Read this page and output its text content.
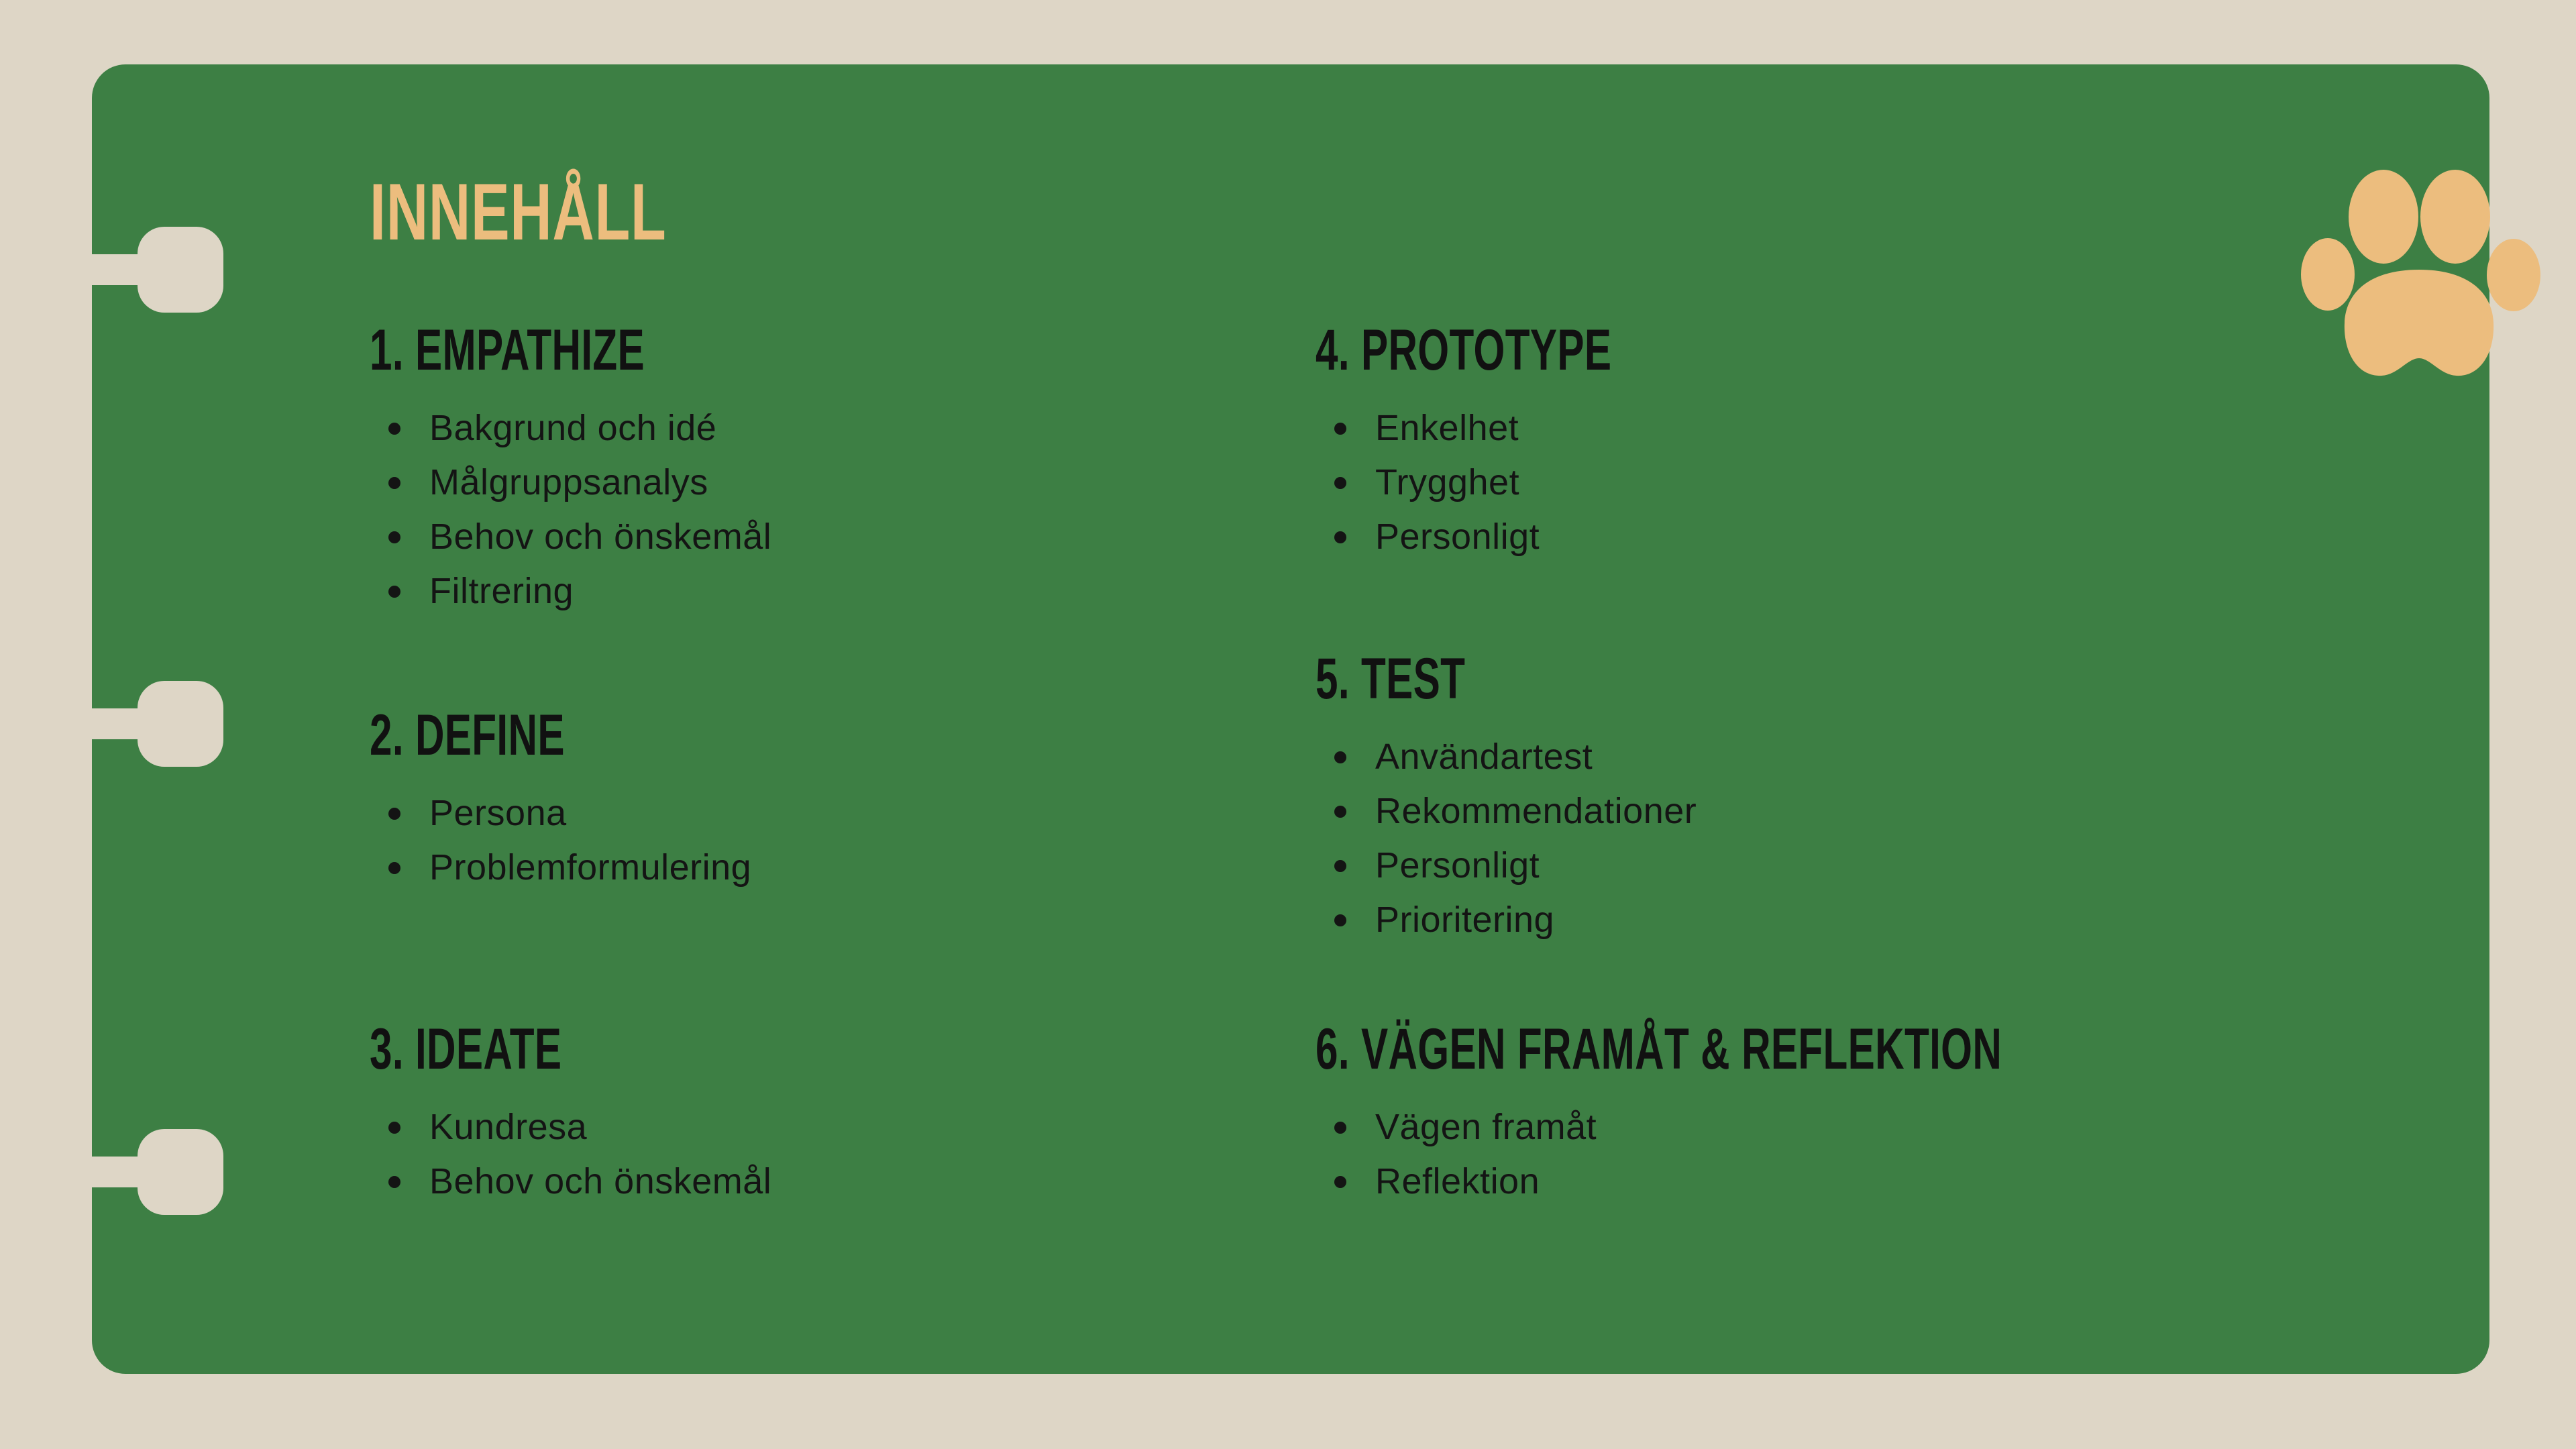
INNEHÅLL
1. EMPATHIZE
Bakgrund och idé
Målgruppsanalys
Behov och önskemål
Filtrering
2. DEFINE
Persona
Problemformulering
3. IDEATE
Kundresa
Behov och önskemål
4. PROTOTYPE
Enkelhet
Trygghet
Personligt
5. TEST
Användartest
Rekommendationer
Personligt
Prioritering
6. VÄGEN FRAMÅT & REFLEKTION
Vägen framåt
Reflektion
